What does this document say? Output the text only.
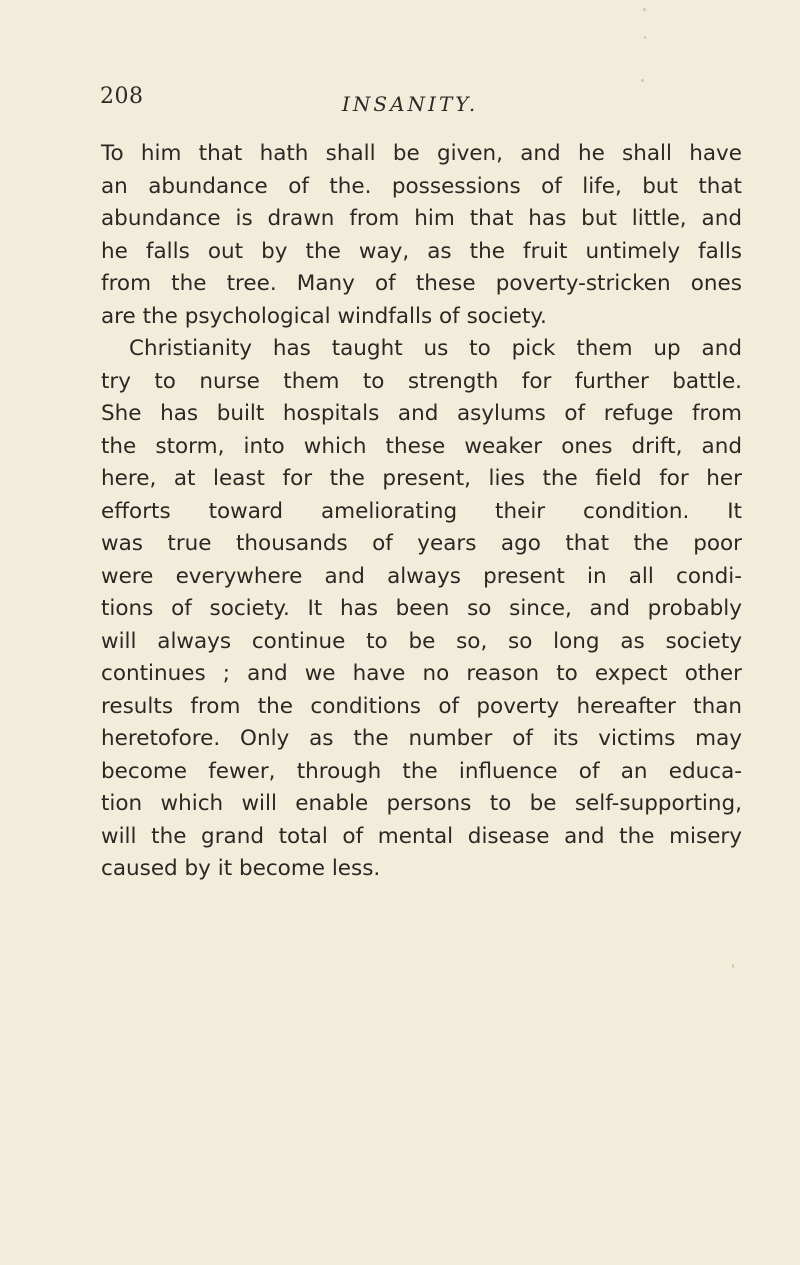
208	INSANITY.

To him that hath shall be given, and he shall have
an abundance of the. possessions of life, but that
abundance is drawn from him that has but little, and
he falls out by the way, as the fruit untimely falls
from the tree. Many of these poverty-stricken ones
are the psychological windfalls of society.

Christianity has taught us to pick them up and
try to nurse them to strength for further battle.
She has built hospitals and asylums of refuge from
the storm, into which these weaker ones drift, and
here, at least for the present, lies the field for her
efforts toward ameliorating their condition. It
was true thousands of years ago that the poor
were everywhere and always present in all condi-
tions of society. It has been so since, and probably
will always continue to be so, so long as society
continues ; and we have no reason to expect other
results from the conditions of poverty hereafter than
heretofore. Only as the number of its victims may
become fewer, through the influence of an educa-
tion which will enable persons to be self-supporting,
will the grand total of mental disease and the misery
caused by it become less.
